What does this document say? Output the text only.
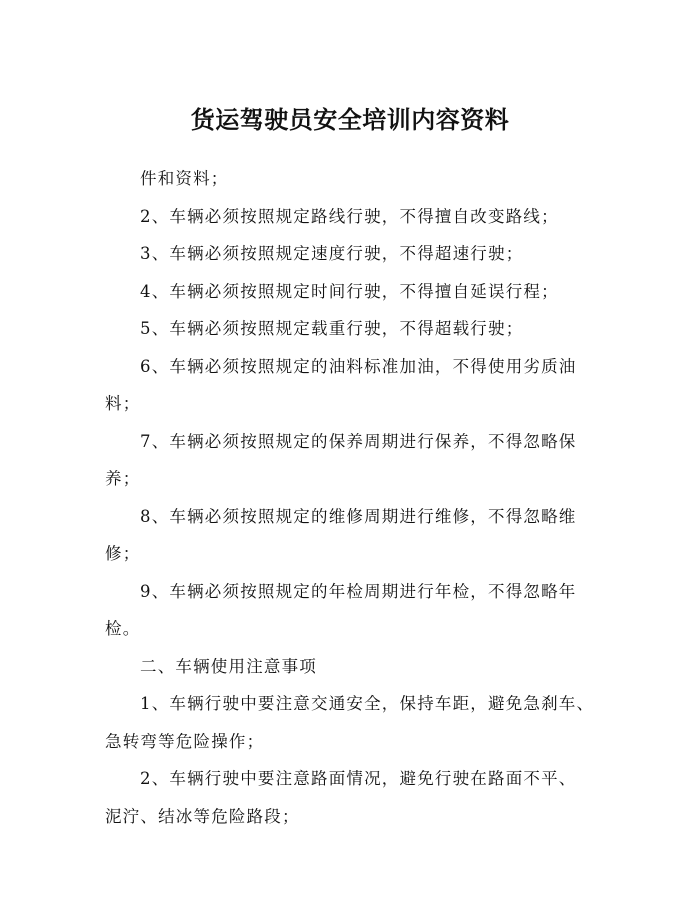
货运驾驶员安全培训内容资料

件和资料；

2、车辆必须按照规定路线行驶，不得擅自改变路线；

3、车辆必须按照规定速度行驶，不得超速行驶；

4、车辆必须按照规定时间行驶，不得擅自延误行程；

5、车辆必须按照规定载重行驶，不得超载行驶；

6、车辆必须按照规定的油料标准加油，不得使用劣质油

料；

7、车辆必须按照规定的保养周期进行保养，不得忽略保

养；

8、车辆必须按照规定的维修周期进行维修，不得忽略维

修；

9、车辆必须按照规定的年检周期进行年检，不得忽略年

检。

二、车辆使用注意事项

1、车辆行驶中要注意交通安全，保持车距，避免急刹车、

急转弯等危险操作；

2、车辆行驶中要注意路面情况，避免行驶在路面不平、

泥泞、结冰等危险路段；
